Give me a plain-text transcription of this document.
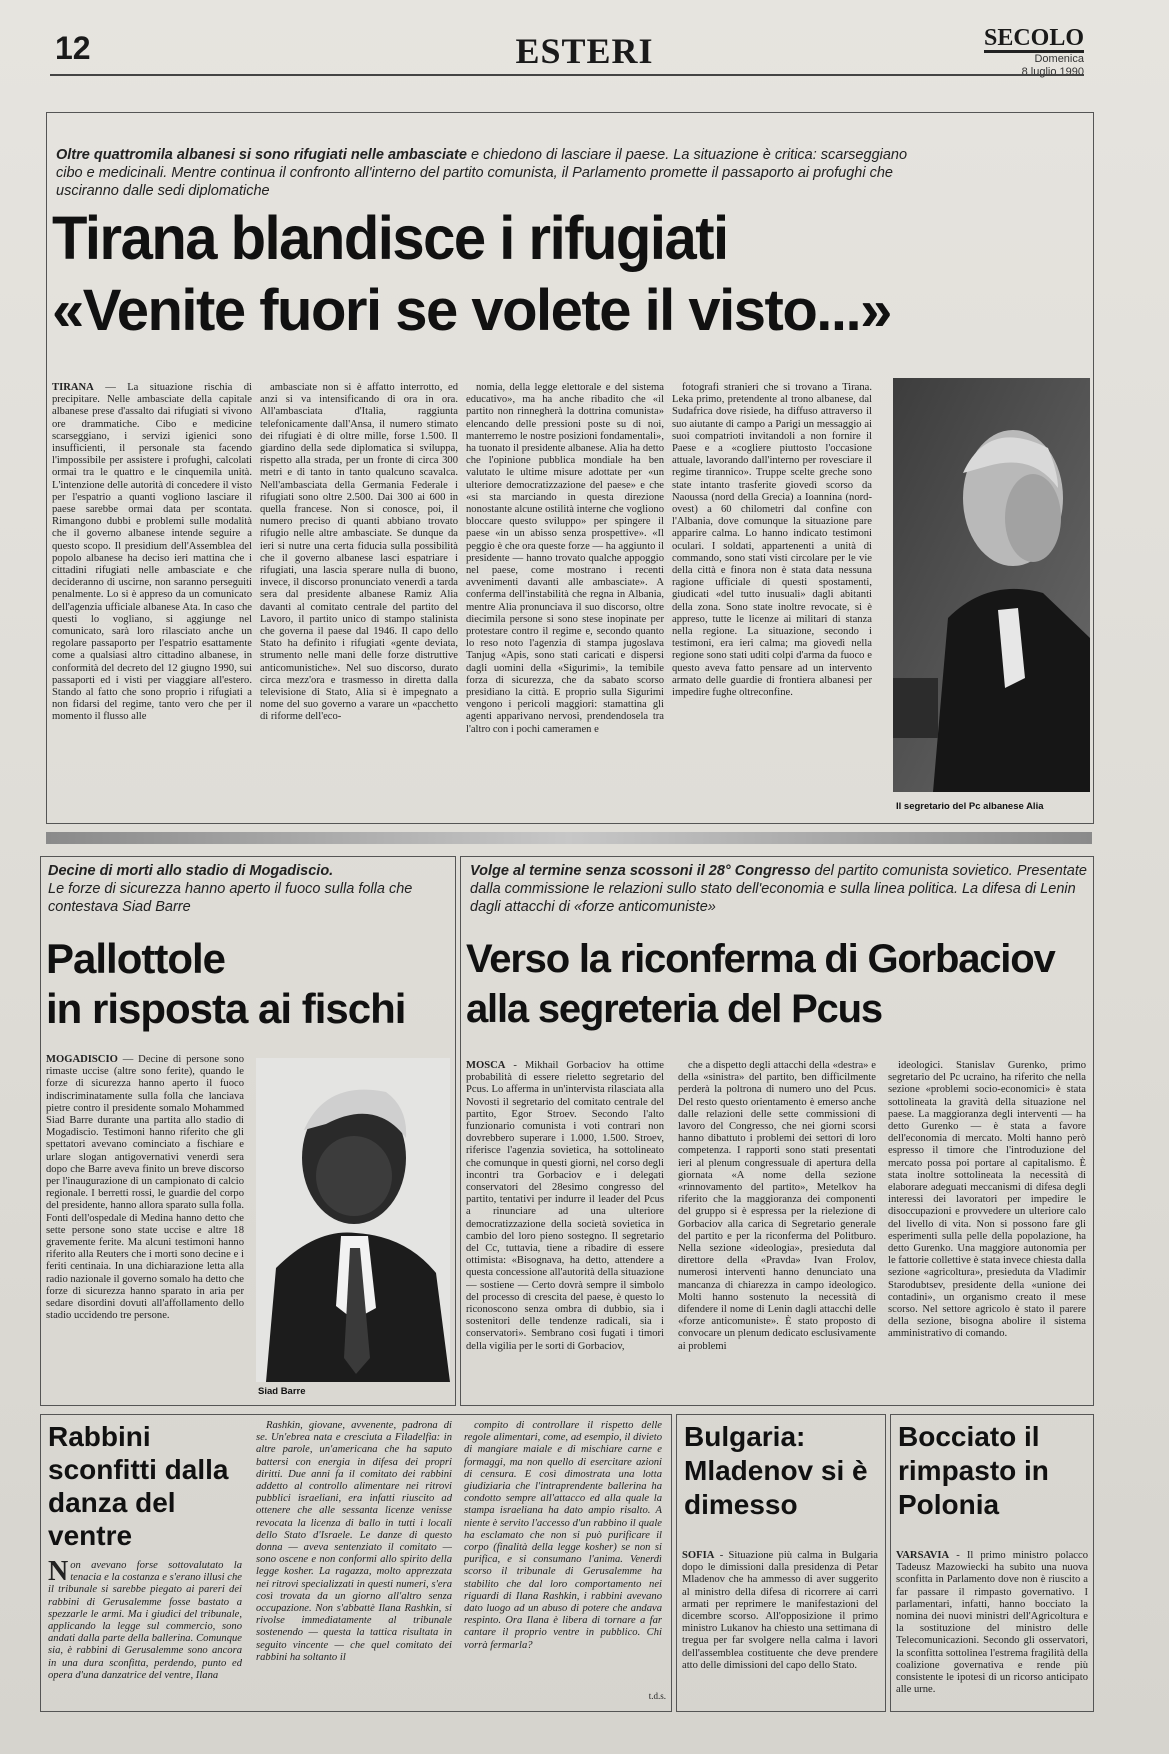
12	ESTERI	SECOLO
Domenica
8 luglio 1990
Oltre quattromila albanesi si sono rifugiati nelle ambasciate e chiedono di lasciare il paese. La situazione è critica: scarseggiano cibo e medicinali. Mentre continua il confronto all'interno del partito comunista, il Parlamento promette il passaporto ai profughi che usciranno dalle sedi diplomatiche
Tirana blandisce i rifugiati
«Venite fuori se volete il visto...»

TIRANA — La situazione rischia di precipitare. Nelle ambasciate della capitale albanese prese d'assalto dai rifugiati si vivono ore drammatiche. Cibo e medicine scarseggiano, i servizi igienici sono insufficienti, il personale sta facendo l'impossibile per assistere i profughi, calcolati ormai tra le quattro e le cinquemila unità. L'intenzione delle autorità di concedere il visto per l'espatrio a quanti vogliono lasciare il paese sarebbe ormai data per scontata. Rimangono dubbi e problemi sulle modalità che il governo albanese intende seguire a questo scopo. Il presidium dell'Assemblea del popolo albanese ha deciso ieri mattina che i cittadini rifugiati nelle ambasciate e che decideranno di uscirne, non saranno perseguiti penalmente. Lo si è appreso da un comunicato dell'agenzia ufficiale albanese Ata. In caso che questi lo vogliano, si aggiunge nel comunicato, sarà loro rilasciato anche un regolare passaporto per l'espatrio esattamente come a qualsiasi altro cittadino albanese, in conformità del decreto del 12 giugno 1990, sui passaporti ed i visti per viaggiare all'estero. Stando al fatto che sono proprio i rifugiati a non fidarsi del regime, tanto vero che per il momento il flusso alle

ambasciate non si è affatto interrotto, ed anzi si va intensificando di ora in ora. All'ambasciata d'Italia, raggiunta telefonicamente dall'Ansa, il numero stimato dei rifugiati è di oltre mille, forse 1.500. Il giardino della sede diplomatica si sviluppa, rispetto alla strada, per un fronte di circa 300 metri e di tanto in tanto qualcuno scavalca. Nell'ambasciata della Germania Federale i rifugiati sono oltre 2.500. Dai 300 ai 600 in quella francese. Non si conosce, poi, il numero preciso di quanti abbiano trovato rifugio nelle altre ambasciate. Se dunque da ieri si nutre una certa fiducia sulla possibilità che il governo albanese lasci espatriare i rifugiati, una lascia sperare nulla di buono, invece, il discorso pronunciato venerdì a tarda sera dal presidente albanese Ramiz Alia davanti al comitato centrale del partito del Lavoro, il partito unico di stampo stalinista che governa il paese dal 1946. Il capo dello Stato ha definito i rifugiati «gente deviata, strumento nelle mani delle forze distruttive anticomunistiche». Nel suo discorso, durato circa mezz'ora e trasmesso in diretta dalla televisione di Stato, Alia si è impegnato a nome del suo governo a varare un «pacchetto di riforme dell'eco-

nomia, della legge elettorale e del sistema educativo», ma ha anche ribadito che «il partito non rinnegherà la dottrina comunista» elencando delle pressioni poste su di noi, manterremo le nostre posizioni fondamentali», ha tuonato il presidente albanese. Alia ha detto che l'opinione pubblica mondiale ha ben valutato le ultime misure adottate per «un ulteriore democratizzazione del paese» e che «si sta marciando in questa direzione nonostante alcune ostilità interne che vogliono bloccare questo sviluppo» per spingere il paese «in un abisso senza prospettive». «Il peggio è che ora queste forze — ha aggiunto il presidente — hanno trovato qualche appoggio nel paese, come mostrano i recenti avvenimenti davanti alle ambasciate». A conferma dell'instabilità che regna in Albania, mentre Alia pronunciava il suo discorso, oltre diecimila persone si sono stese inopinate per protestare contro il regime e, secondo quanto lo reso noto l'agenzia di stampa jugoslava Tanjug «Apis, sono stati caricati e dispersi dagli uomini della «Sigurimi», la temibile forza di sicurezza, che da sabato scorso presidiano la città. E proprio sulla Sigurimi vengono i pericoli maggiori: stamattina gli agenti apparivano nervosi, prendendosela tra l'altro con i pochi cameramen e

fotografi stranieri che si trovano a Tirana. Leka primo, pretendente al trono albanese, dal Sudafrica dove risiede, ha diffuso attraverso il suo aiutante di campo a Parigi un messaggio ai suoi compatrioti invitandoli a non fornire il Paese e a «cogliere piuttosto l'occasione attuale, lavorando dall'interno per rovesciare il regime tirannico». Truppe scelte greche sono state intanto trasferite giovedì scorso da Naoussa (nord della Grecia) a Ioannina (nord-ovest) a 60 chilometri dal confine con l'Albania, dove comunque la situazione pare apparire calma. Lo hanno indicato testimoni oculari. I soldati, appartenenti a unità di commando, sono stati visti circolare per le vie della città e finora non è stata data nessuna ragione ufficiale di questi spostamenti, giudicati «del tutto inusuali» dagli abitanti della zona. Sono state inoltre revocate, si è appreso, tutte le licenze ai militari di stanza nella regione. La situazione, secondo i testimoni, era ieri calma; ma giovedì nella regione sono stati uditi colpi d'arma da fuoco e questo aveva fatto pensare ad un intervento armato delle guardie di frontiera albanesi per impedire fughe oltreconfine.

Il segretario del Pc albanese Alia
Decine di morti allo stadio di Mogadiscio.
Le forze di sicurezza hanno aperto il fuoco sulla folla che contestava Siad Barre
Pallottole
in risposta ai fischi

MOGADISCIO — Decine di persone sono rimaste uccise (altre sono ferite), quando le forze di sicurezza hanno aperto il fuoco indiscriminatamente sulla folla che lanciava pietre contro il presidente somalo Mohammed Siad Barre durante una partita allo stadio di Mogadiscio. Testimoni hanno riferito che gli spettatori avevano cominciato a fischiare e urlare slogan antigovernativi venerdì sera dopo che Barre aveva finito un breve discorso per l'inaugurazione di un campionato di calcio regionale. I berretti rossi, le guardie del corpo del presidente, hanno allora sparato sulla folla. Fonti dell'ospedale di Medina hanno detto che sette persone sono state uccise e altre 18 gravemente ferite. Ma alcuni testimoni hanno riferito alla Reuters che i morti sono decine e i feriti centinaia. In una dichiarazione letta alla radio nazionale il governo somalo ha detto che forze di sicurezza hanno sparato in aria per sedare disordini dovuti all'affollamento dello stadio uccidendo tre persone.

Siad Barre
Volge al termine senza scossoni il 28° Congresso del partito comunista sovietico. Presentate dalla commissione le relazioni sullo stato dell'economia e sulla linea politica. La difesa di Lenin dagli attacchi di «forze anticomuniste»
Verso la riconferma di Gorbaciov
alla segreteria del Pcus

MOSCA - Mikhail Gorbaciov ha ottime probabilità di essere rieletto segretario del Pcus. Lo afferma in un'intervista rilasciata alla Novosti il segretario del comitato centrale del partito, Egor Stroev. Secondo l'alto funzionario comunista i voti contrari non dovrebbero superare i 1.000, 1.500. Stroev, riferisce l'agenzia sovietica, ha sottolineato che comunque in questi giorni, nel corso degli incontri tra Gorbaciov e i delegati conservatori del 28esimo congresso del partito, tentativi per indurre il leader del Pcus a rinunciare ad una ulteriore democratizzazione della società sovietica in cambio del loro pieno sostegno. Il segretario del Cc, tuttavia, tiene a ribadire di essere ottimista: «Bisognava, ha detto, attendere a questa concessione all'autorità della situazione — sostiene — Certo dovrà sempre il simbolo del processo di crescita del paese, è questo lo riconoscono senza ombra di dubbio, sia i sostenitori delle tendenze radicali, sia i conservatori». Sembrano così fugati i timori della vigilia per le sorti di Gorbaciov,

che a dispetto degli attacchi della «destra» e della «sinistra» del partito, ben difficilmente perderà la poltrona di numero uno del Pcus. Del resto questo orientamento è emerso anche dalle relazioni delle sette commissioni di lavoro del Congresso, che nei giorni scorsi hanno dibattuto i problemi dei settori di loro competenza. I rapporti sono stati presentati ieri al plenum congressuale di apertura della giornata «A nome della sezione «rinnovamento del partito», Metelkov ha riferito che la maggioranza dei componenti del gruppo si è espressa per la rielezione di Gorbaciov alla carica di Segretario generale del partito e per la riconferma del Politburo. Nella sezione «ideologia», presieduta dal direttore della «Pravda» Ivan Frolov, numerosi interventi hanno denunciato una mancanza di chiarezza in campo ideologico. Molti hanno sostenuto la necessità di difendere il nome di Lenin dagli attacchi delle «forze anticomuniste». È stato proposto di convocare un plenum dedicato esclusivamente ai problemi

ideologici. Stanislav Gurenko, primo segretario del Pc ucraino, ha riferito che nella sezione «problemi socio-economici» è stata sottolineata la gravità della situazione nel paese. La maggioranza degli interventi — ha detto Gurenko — è stata a favore dell'economia di mercato. Molti hanno però espresso il timore che l'introduzione del mercato possa poi portare al capitalismo. È stata inoltre sottolineata la necessità di elaborare adeguati meccanismi di difesa degli interessi dei lavoratori per impedire le disoccupazioni e provvedere un ulteriore calo del livello di vita. Non si possono fare gli esperimenti sulla pelle della popolazione, ha detto Gurenko. Una maggiore autonomia per le fattorie collettive è stata invece chiesta dalla sezione «agricoltura», presieduta da Vladimir Starodubtsev, presidente della «unione dei contadini», un organismo creato il mese scorso. Nel settore agricolo è stato il parere della sezione, bisogna abolire il sistema amministrativo di comando.

Rabbini sconfitti dalla danza del ventre

Non avevano forse sottovalutato la tenacia e la costanza e s'erano illusi che il tribunale si sarebbe piegato ai pareri dei rabbini di Gerusalemme fosse bastato a spezzarle le armi. Ma i giudici del tribunale, applicando la legge sul commercio, sono andati dalla parte della ballerina. Comunque sia, è rabbini di Gerusalemme sono ancora in una dura sconfitta, perdendo, punto ed opera d'una danzatrice del ventre, Ilana

Rashkin, giovane, avvenente, padrona di se. Un'ebrea nata e cresciuta a Filadelfia: in altre parole, un'americana che ha saputo battersi con energia in difesa dei propri diritti. Due anni fa il comitato dei rabbini addetto al controllo alimentare nei ritrovi pubblici israeliani, era infatti riuscito ad ottenere che alle sessanta licenze venisse revocata la licenza di ballo in tutti i locali dello Stato d'Israele. Le danze di questo donna — aveva sentenziato il comitato — sono oscene e non conformi allo spirito della legge kosher. La ragazza, molto apprezzata nei ritrovi specializzati in questi numeri, s'era così trovata da un giorno all'altro senza occupazione. Non s'abbattè Ilana Rashkin, si rivolse immediatamente al tribunale sostenendo — questa la tattica risultata in seguito vincente — che quel comitato dei rabbini ha soltanto il

compito di controllare il rispetto delle regole alimentari, come, ad esempio, il divieto di mangiare maiale e di mischiare carne e formaggi, ma non quello di esercitare azioni di censura. E così dimostrata una lotta giudiziaria che l'intraprendente ballerina ha condotto sempre all'attacco ed alla quale la stampa israeliana ha dato ampio risalto. A niente è servito l'accesso d'un rabbino il quale ha esclamato che non si può purificare il corpo (finalità della legge kosher) se non si purifica, e si consumano l'anima. Venerdì scorso il tribunale di Gerusalemme ha stabilito che dal loro comportamento nei riguardi di Ilana Rashkin, i rabbini avevano dato luogo ad un abuso di potere che andava respinto. Ora Ilana è libera di tornare a far cantare il proprio ventre in pubblico. Chi vorrà fermarla?

t.d.s.
Bulgaria: Mladenov si è dimesso

SOFIA - Situazione più calma in Bulgaria dopo le dimissioni dalla presidenza di Petar Mladenov che ha ammesso di aver suggerito al ministro della difesa di ricorrere ai carri armati per reprimere le manifestazioni del dicembre scorso. All'opposizione il primo ministro Lukanov ha chiesto una settimana di tregua per far svolgere nella calma i lavori dell'assemblea costituente che deve prendere atto delle dimissioni del capo dello Stato.

Bocciato il rimpasto in Polonia

VARSAVIA - Il primo ministro polacco Tadeusz Mazowiecki ha subito una nuova sconfitta in Parlamento dove non è riuscito a far passare il rimpasto governativo. I parlamentari, infatti, hanno bocciato la nomina dei nuovi ministri dell'Agricoltura e la sostituzione del ministro delle Telecomunicazioni. Secondo gli osservatori, la sconfitta sottolinea l'estrema fragilità della coalizione governativa e rende più consistente le ipotesi di un ricorso anticipato alle urne.
